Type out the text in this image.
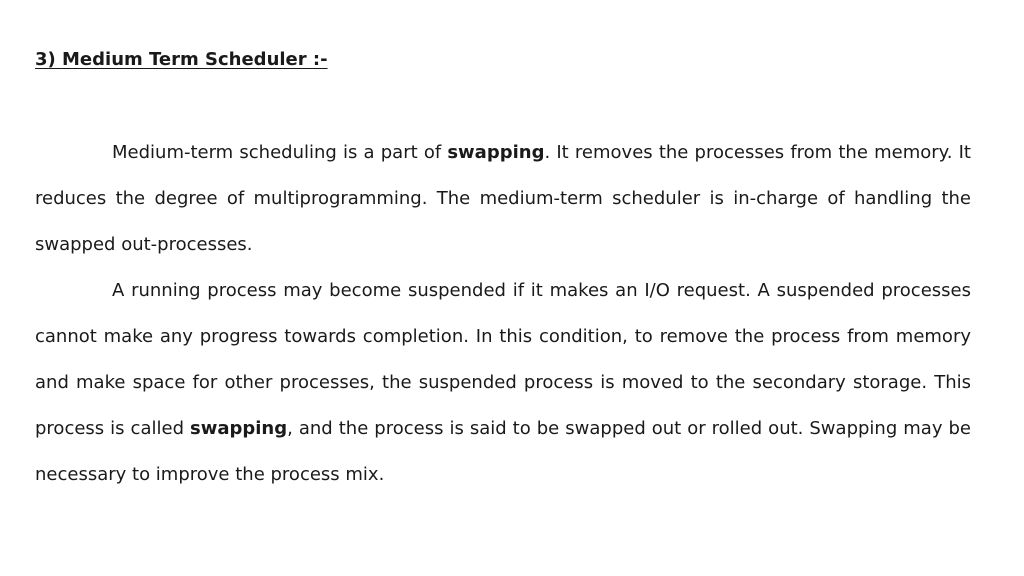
3) Medium Term Scheduler :-

Medium-term scheduling is a part of swapping. It removes the processes from the memory. It reduces the degree of multiprogramming. The medium-term scheduler is in-charge of handling the swapped out-processes.

A running process may become suspended if it makes an I/O request. A suspended processes cannot make any progress towards completion. In this condition, to remove the process from memory and make space for other processes, the suspended process is moved to the secondary storage. This process is called swapping, and the process is said to be swapped out or rolled out. Swapping may be necessary to improve the process mix.
